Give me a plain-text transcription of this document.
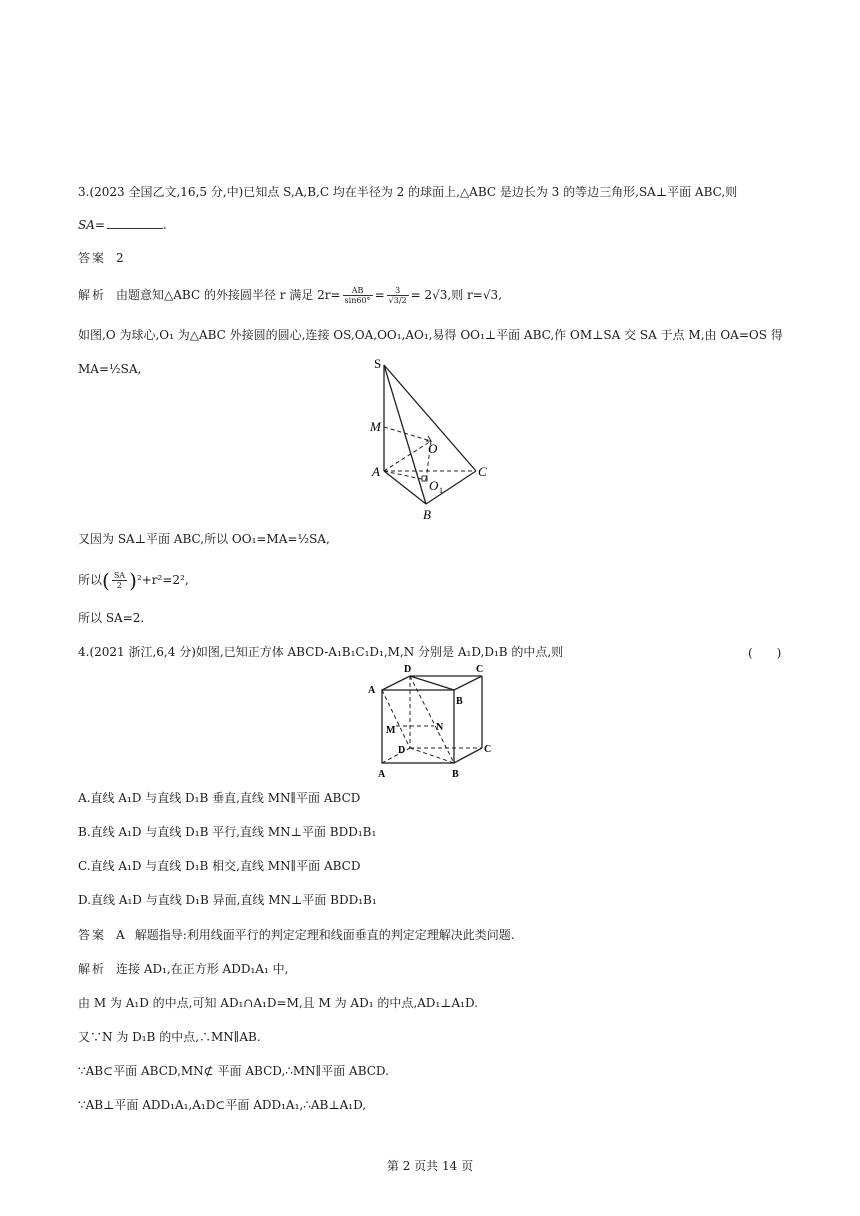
3.(2023 全国乙文,16,5 分,中)已知点 S,A,B,C 均在半径为 2 的球面上,△ABC 是边长为 3 的等边三角形,SA⊥平面 ABC,则
SA=	.
答案 2
解析 由题意知△ABC 的外接圆半径 r 满足 $2r= \frac{AB}{\sin 60^\circ} = \frac{3}{√3/2} = 2√3$,则 r=√3,
如图,O 为球心,O₁ 为△ABC 外接圆的圆心,连接 OS,OA,OO₁,AO₁,易得 OO₁⊥平面 ABC,作 OM⊥SA 交 SA 于点 M,由 OA=OS 得
MA=½SA,	S
M
O
A	C
O 1
B
又因为 SA⊥平面 ABC,所以 OO₁=MA=½SA,
所以( $\frac{SA}{2} )^2+r^2=2^2$,
所以 SA=2.
4.(2021 浙江,6,4 分)如图,已知正方体 ABCD-A₁B₁C₁D₁,M,N 分别是 A₁D,D₁B 的中点,则	(　　)
D	C
A
B
N
M
D	C
A	B
A.直线 A₁D 与直线 D₁B 垂直,直线 MN∥平面 ABCD
B.直线 A₁D 与直线 D₁B 平行,直线 MN⊥平面 BDD₁B₁
C.直线 A₁D 与直线 D₁B 相交,直线 MN∥平面 ABCD
D.直线 A₁D 与直线 D₁B 异面,直线 MN⊥平面 BDD₁B₁
答案 A 解题指导:利用线面平行的判定定理和线面垂直的判定定理解决此类问题.
解析 连接 AD₁,在正方形 ADD₁A₁ 中,
由 M 为 A₁D 的中点,可知 AD₁∩A₁D=M,且 M 为 AD₁ 的中点,AD₁⊥A₁D.
又∵N 为 D₁B 的中点,∴MN∥AB.
∵AB⊂平面 ABCD,MN⊄ 平面 ABCD,∴MN∥平面 ABCD.
∵AB⊥平面 ADD₁A₁,A₁D⊂平面 ADD₁A₁,∴AB⊥A₁D,
第 2 页共 14 页
